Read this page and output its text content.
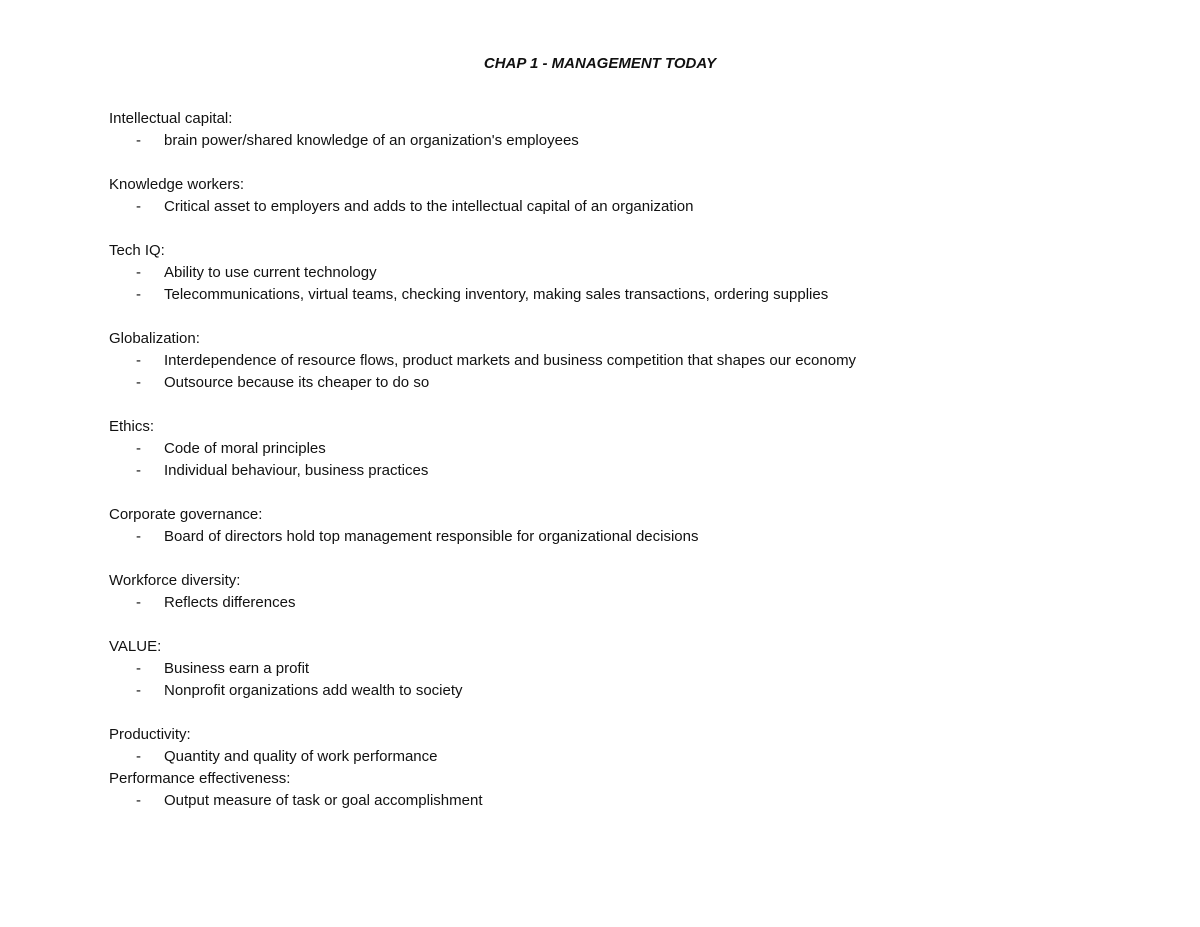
CHAP 1 - MANAGEMENT TODAY

Intellectual capital:

- brain power/shared knowledge of an organization's employees

Knowledge workers:

- Critical asset to employers and adds to the intellectual capital of an organization

Tech IQ:

- Ability to use current technology
- Telecommunications, virtual teams, checking inventory, making sales transactions, ordering supplies

Globalization:

- Interdependence of resource flows, product markets and business competition that shapes our economy
- Outsource because its cheaper to do so

Ethics:

- Code of moral principles
- Individual behaviour, business practices

Corporate governance:

- Board of directors hold top management responsible for organizational decisions

Workforce diversity:

- Reflects differences

VALUE:

- Business earn a profit
- Nonprofit organizations add wealth to society

Productivity:

- Quantity and quality of work performance

Performance effectiveness:

- Output measure of task or goal accomplishment
